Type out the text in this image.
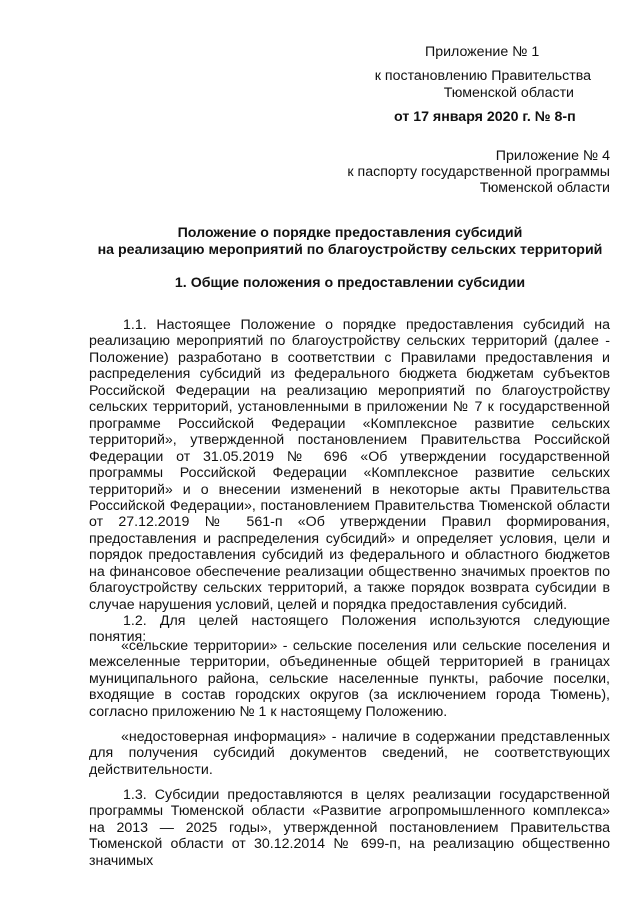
Приложение № 1

к постановлению Правительства

Тюменской области

от 17 января 2020 г. № 8-п

Приложение № 4

к паспорту государственной программы

Тюменской области

Положение о порядке предоставления субсидий

на реализацию мероприятий по благоустройству сельских территорий

1. Общие положения о предоставлении субсидии

1.1. Настоящее Положение о порядке предоставления субсидий на реализацию мероприятий по благоустройству сельских территорий (далее - Положение) разработано в соответствии с Правилами предоставления и распределения субсидий из федерального бюджета бюджетам субъектов Российской Федерации на реализацию мероприятий по благоустройству сельских территорий, установленными в приложении № 7 к государственной программе Российской Федерации «Комплексное развитие сельских территорий», утвержденной постановлением Правительства Российской Федерации от 31.05.2019 № 696 «Об утверждении государственной программы Российской Федерации «Комплексное развитие сельских территорий» и о внесении изменений в некоторые акты Правительства Российской Федерации», постановлением Правительства Тюменской области от 27.12.2019 № 561-п «Об утверждении Правил формирования, предоставления и распределения субсидий» и определяет условия, цели и порядок предоставления субсидий из федерального и областного бюджетов на финансовое обеспечение реализации общественно значимых проектов по благоустройству сельских территорий, а также порядок возврата субсидии в случае нарушения условий, целей и порядка предоставления субсидий.

1.2. Для целей настоящего Положения используются следующие понятия:

«сельские территории» - сельские поселения или сельские поселения и межселенные территории, объединенные общей территорией в границах муниципального района, сельские населенные пункты, рабочие поселки, входящие в состав городских округов (за исключением города Тюмень), согласно приложению № 1 к настоящему Положению.

«недостоверная информация» - наличие в содержании представленных для получения субсидий документов сведений, не соответствующих действительности.

1.3. Субсидии предоставляются в целях реализации государственной программы Тюменской области «Развитие агропромышленного комплекса» на 2013 — 2025 годы», утвержденной постановлением Правительства Тюменской области от 30.12.2014 № 699-п, на реализацию общественно значимых
